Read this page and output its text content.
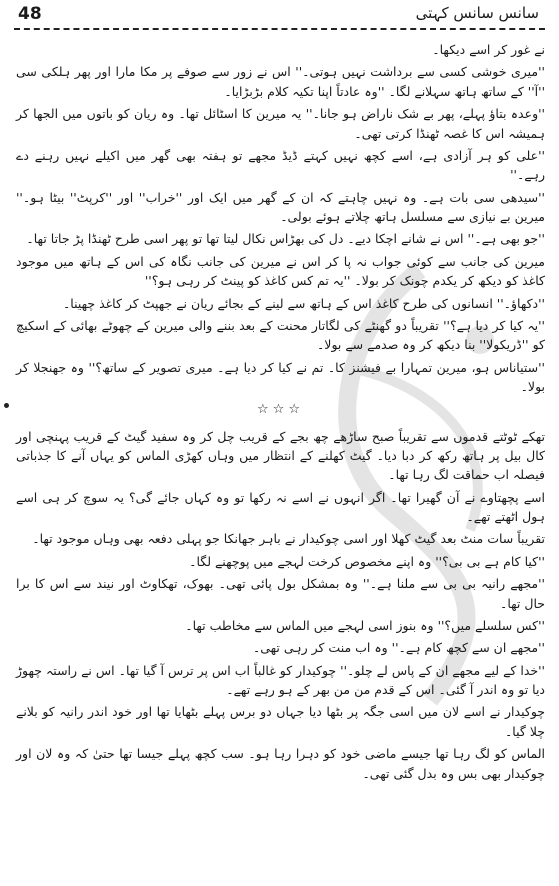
48	سانس سانس کہتی

نے غور کر اسے دیکھا۔

''میری خوشی کسی سے برداشت نہیں ہوتی۔'' اس نے زور سے صوفے پر مکا مارا اور پھر ہلکی سی ''آ'' کے ساتھ ہاتھ سہلانے لگا۔ ''وہ عادتاً اپنا تکیہ کلام بڑبڑایا۔

''وعدہ بتاؤ پہلے، پھر بے شک ناراض ہو جانا۔'' یہ میرین کا اسٹائل تھا۔ وہ ریان کو باتوں میں الجھا کر ہمیشہ اس کا غصہ ٹھنڈا کرتی تھی۔

''علی کو ہر آزادی ہے، اسے کچھ نہیں کہتے ڈیڈ مجھے تو ہفتہ بھی گھر میں اکیلے نہیں رہنے دے رہے۔''

''سیدھی سی بات ہے۔ وہ نہیں چاہتے کہ ان کے گھر میں ایک اور ''خراب'' اور ''کرپٹ'' بیٹا ہو۔'' میرین بے نیازی سے مسلسل ہاتھ چلاتے ہوئے بولی۔

''جو بھی ہے۔'' اس نے شانے اچکا دیے۔ دل کی بھڑاس نکال لیتا تھا تو پھر اسی طرح ٹھنڈا پڑ جاتا تھا۔

میرین کی جانب سے کوئی جواب نہ پا کر اس نے میرین کی جانب نگاہ کی اس کے ہاتھ میں موجود کاغذ کو دیکھ کر یکدم چونک کر بولا۔ ''یہ تم کس کاغذ کو پینٹ کر رہی ہو؟''

''دکھاؤ۔'' انسانوں کی طرح کاغذ اس کے ہاتھ سے لینے کے بجائے ریان نے جھپٹ کر کاغذ چھینا۔

''یہ کیا کر دیا ہے؟'' تقریباً دو گھنٹے کی لگاتار محنت کے بعد بننے والی میرین کے چھوٹے بھائی کے اسکیچ کو ''ڈریکولا'' بنا دیکھ کر وہ صدمے سے بولا۔

''ستیاناس ہو، میرین تمہارا بے فیشنز کا۔ تم نے کیا کر دیا ہے۔ میری تصویر کے ساتھ؟'' وہ جھنجلا کر بولا۔

☆☆☆

تھکے ٹوٹتے قدموں سے تقریباً صبح ساڑھے چھ بجے کے قریب چل کر وہ سفید گیٹ کے قریب پہنچی اور کال بیل پر ہاتھ رکھ کر دبا دیا۔ گیٹ کھلنے کے انتظار میں وہاں کھڑی الماس کو یہاں آنے کا جذباتی فیصلہ اب حماقت لگ رہا تھا۔

اسے پچھتاوے نے آن گھیرا تھا۔ اگر انہوں نے اسے نہ رکھا تو وہ کہاں جائے گی؟ یہ سوچ کر ہی اسے ہول اٹھتے تھے۔

تقریباً سات منٹ بعد گیٹ کھلا اور اسی چوکیدار نے باہر جھانکا جو پہلی دفعہ بھی وہاں موجود تھا۔

''کیا کام ہے بی بی؟'' وہ اپنے مخصوص کرخت لہجے میں پوچھنے لگا۔

''مجھے رانیہ بی بی سے ملنا ہے۔'' وہ بمشکل بول پائی تھی۔ بھوک، تھکاوٹ اور نیند سے اس کا برا حال تھا۔

''کس سلسلے میں؟'' وہ بنوز اسی لہجے میں الماس سے مخاطب تھا۔

''مجھے ان سے کچھ کام ہے۔'' وہ اب منت کر رہی تھی۔

''خدا کے لیے مجھے ان کے پاس لے چلو۔'' چوکیدار کو غالباً اب اس پر ترس آ گیا تھا۔ اس نے راستہ چھوڑ دیا تو وہ اندر آ گئی۔ اس کے قدم من من بھر کے ہو رہے تھے۔

چوکیدار نے اسے لان میں اسی جگہ پر بٹھا دیا جہاں دو برس پہلے بٹھایا تھا اور خود اندر رانیہ کو بلانے چلا گیا۔

الماس کو لگ رہا تھا جیسے ماضی خود کو دہرا رہا ہو۔ سب کچھ پہلے جیسا تھا حتیٰ کہ وہ لان اور چوکیدار بھی بس وہ بدل گئی تھی۔
